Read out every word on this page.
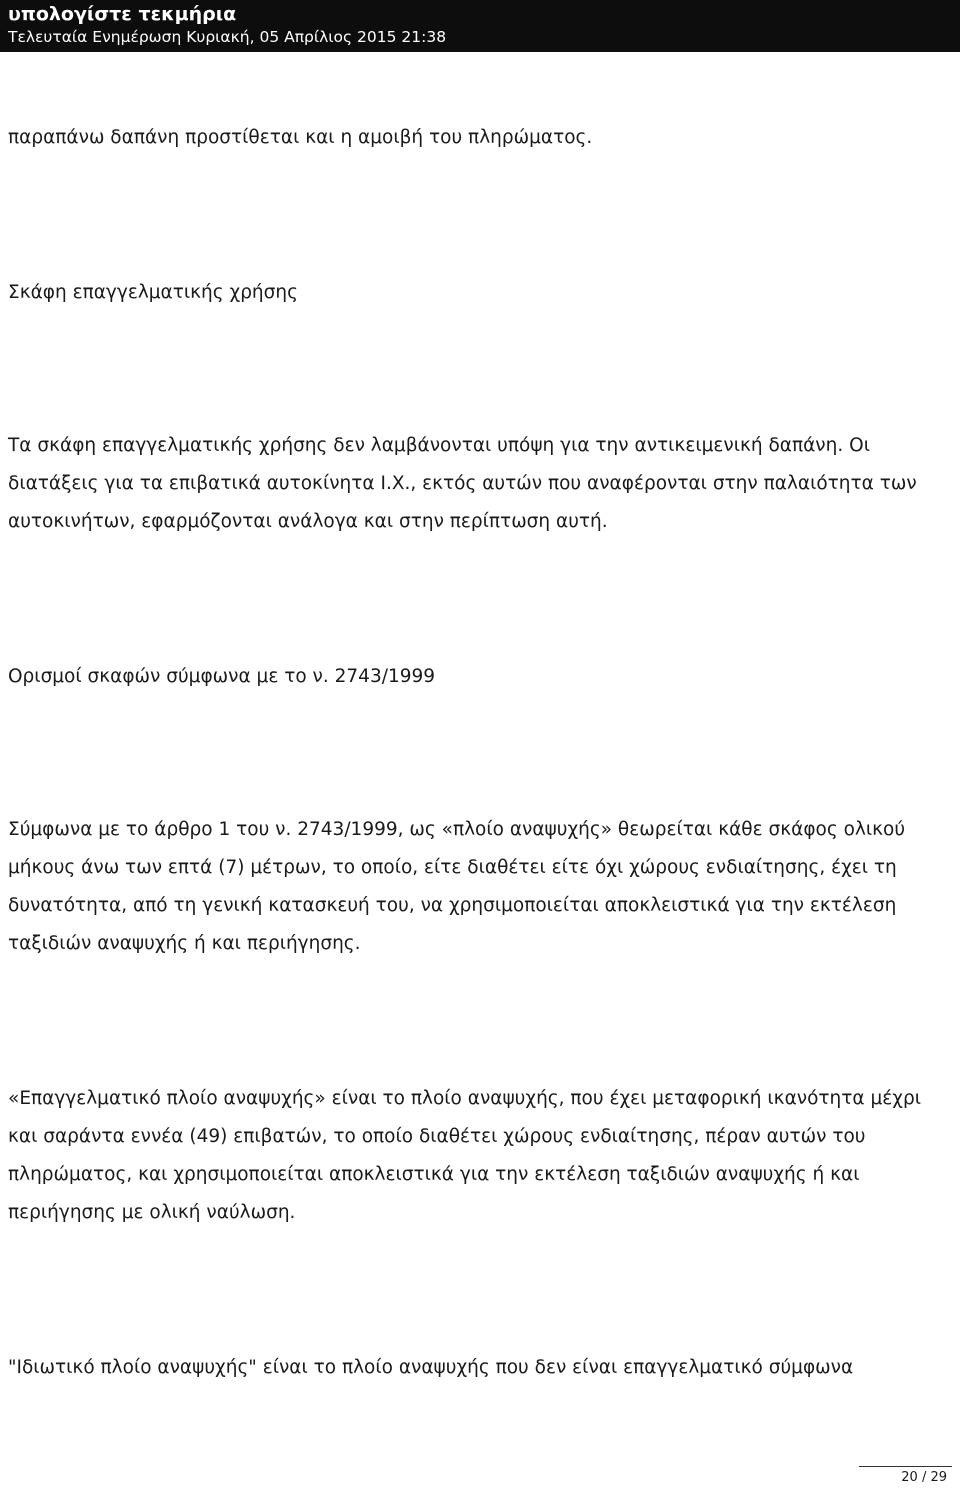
υπολογίστε τεκμήρια
Τελευταία Ενημέρωση Κυριακή, 05 Απρίλιος 2015 21:38

παραπάνω δαπάνη προστίθεται και η αμοιβή του πληρώματος.

Σκάφη επαγγελματικής χρήσης

Τα σκάφη επαγγελματικής χρήσης δεν λαμβάνονται υπόψη για την αντικειμενική δαπάνη. Οι διατάξεις για τα επιβατικά αυτοκίνητα Ι.Χ., εκτός αυτών που αναφέρονται στην παλαιότητα των αυτοκινήτων, εφαρμόζονται ανάλογα και στην περίπτωση αυτή.

Ορισμοί σκαφών σύμφωνα με το ν. 2743/1999

Σύμφωνα με το άρθρο 1 του ν. 2743/1999, ως «πλοίο αναψυχής» θεωρείται κάθε σκάφος ολικού μήκους άνω των επτά (7) μέτρων, το οποίο, είτε διαθέτει είτε όχι χώρους ενδιαίτησης, έχει τη δυνατότητα, από τη γενική κατασκευή του, να χρησιμοποιείται αποκλειστικά για την εκτέλεση ταξιδιών αναψυχής ή και περιήγησης.

«Επαγγελματικό πλοίο αναψυχής» είναι το πλοίο αναψυχής, που έχει μεταφορική ικανότητα μέχρι και σαράντα εννέα (49) επιβατών, το οποίο διαθέτει χώρους ενδιαίτησης, πέραν αυτών του πληρώματος, και χρησιμοποιείται αποκλειστικά για την εκτέλεση ταξιδιών αναψυχής ή και περιήγησης με ολική ναύλωση.

"Ιδιωτικό πλοίο αναψυχής" είναι το πλοίο αναψυχής που δεν είναι επαγγελματικό σύμφωνα

20 / 29
